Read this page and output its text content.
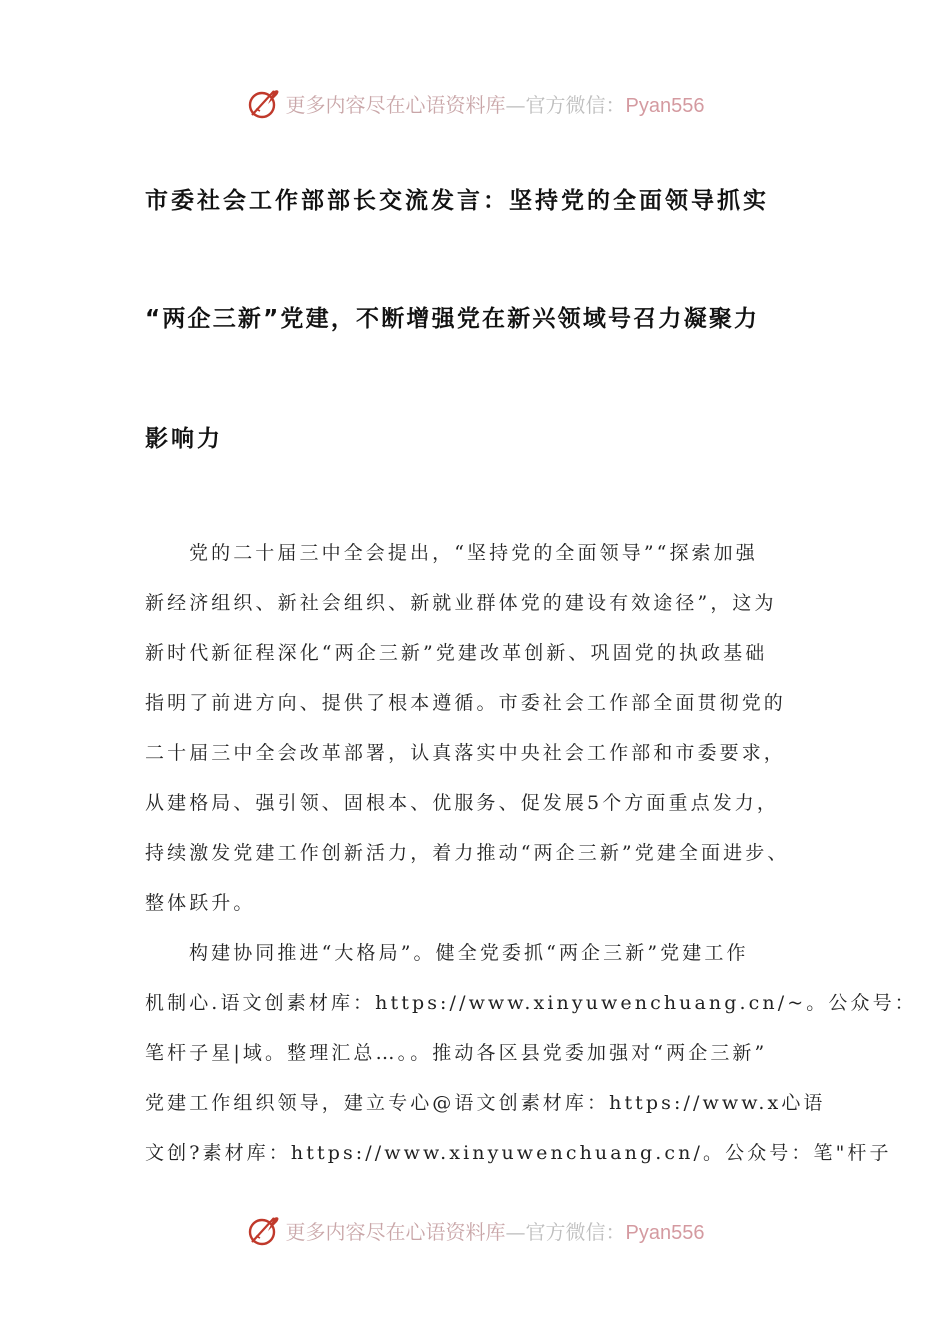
更多内容尽在心语资料库—官方微信：Pyan556
市委社会工作部部长交流发言：坚持党的全面领导抓实
“两企三新”党建，不断增强党在新兴领域号召力凝聚力
影响力
党的二十届三中全会提出，“坚持党的全面领导”“探索加强
新经济组织、新社会组织、新就业群体党的建设有效途径”，这为
新时代新征程深化“两企三新”党建改革创新、巩固党的执政基础
指明了前进方向、提供了根本遵循。市委社会工作部全面贯彻党的
二十届三中全会改革部署，认真落实中央社会工作部和市委要求，
从建格局、强引领、固根本、优服务、促发展5个方面重点发力，
持续激发党建工作创新活力，着力推动“两企三新”党建全面进步、
整体跃升。
构建协同推进“大格局”。健全党委抓“两企三新”党建工作
机制心.语文创素材库：https://www.xinyuwenchuang.cn/~。公众号：
笔杆子星|域。整理汇总…。。推动各区县党委加强对“两企三新”
党建工作组织领导，建立专心@语文创素材库：https://www.x心语
文创?素材库：https://www.xinyuwenchuang.cn/。公众号：笔"杆子
更多内容尽在心语资料库—官方微信：Pyan556
